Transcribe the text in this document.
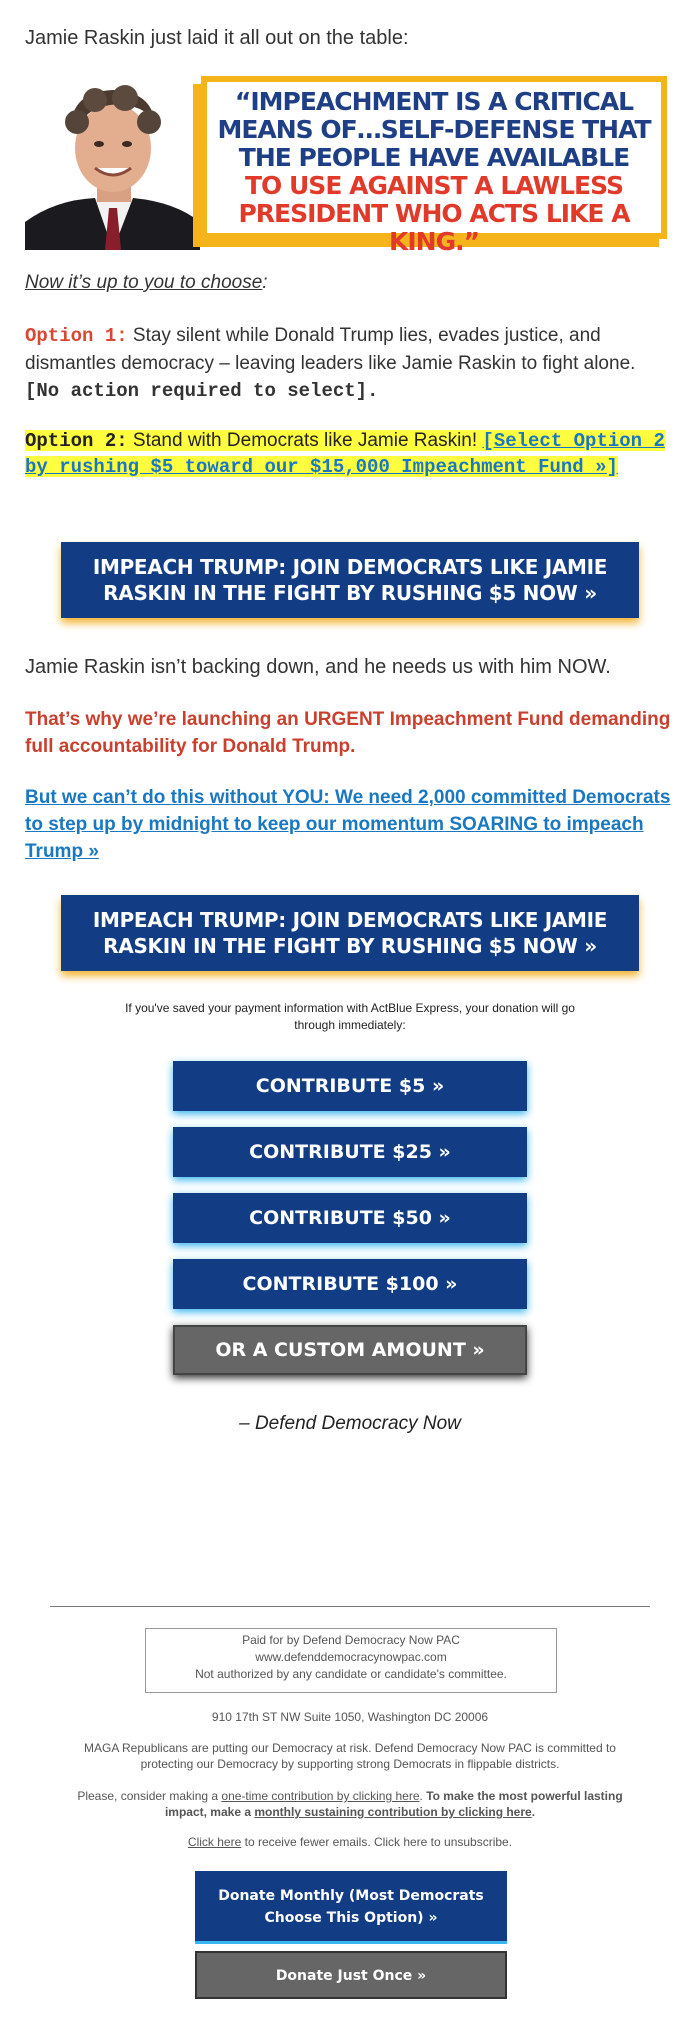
Jamie Raskin just laid it all out on the table:
“IMPEACHMENT IS A CRITICAL
MEANS OF…SELF-DEFENSE THAT
THE PEOPLE HAVE AVAILABLE
TO USE AGAINST A LAWLESS
PRESIDENT WHO ACTS LIKE A KING.”
Now it’s up to you to choose:
Option 1: Stay silent while Donald Trump lies, evades justice, and dismantles democracy – leaving leaders like Jamie Raskin to fight alone.
[No action required to select].
Option 2: Stand with Democrats like Jamie Raskin! [Select Option 2 by rushing $5 toward our $15,000 Impeachment Fund »]
IMPEACH TRUMP: JOIN DEMOCRATS LIKE JAMIE RASKIN IN THE FIGHT BY RUSHING $5 NOW »
Jamie Raskin isn’t backing down, and he needs us with him NOW.
That’s why we’re launching an URGENT Impeachment Fund demanding full accountability for Donald Trump.
But we can’t do this without YOU: We need 2,000 committed Democrats to step up by midnight to keep our momentum SOARING to impeach Trump »
IMPEACH TRUMP: JOIN DEMOCRATS LIKE JAMIE RASKIN IN THE FIGHT BY RUSHING $5 NOW »
If you've saved your payment information with ActBlue Express, your donation will go through immediately:
CONTRIBUTE $5 »
CONTRIBUTE $25 »
CONTRIBUTE $50 »
CONTRIBUTE $100 »
OR A CUSTOM AMOUNT »
– Defend Democracy Now
Paid for by Defend Democracy Now PAC
www.defenddemocracynowpac.com
Not authorized by any candidate or candidate's committee.
910 17th ST NW Suite 1050, Washington DC 20006
MAGA Republicans are putting our Democracy at risk. Defend Democracy Now PAC is committed to protecting our Democracy by supporting strong Democrats in flippable districts.
Please, consider making a one-time contribution by clicking here. To make the most powerful lasting impact, make a monthly sustaining contribution by clicking here.
Click here to receive fewer emails. Click here to unsubscribe.
Donate Monthly (Most Democrats Choose This Option) »
Donate Just Once »
